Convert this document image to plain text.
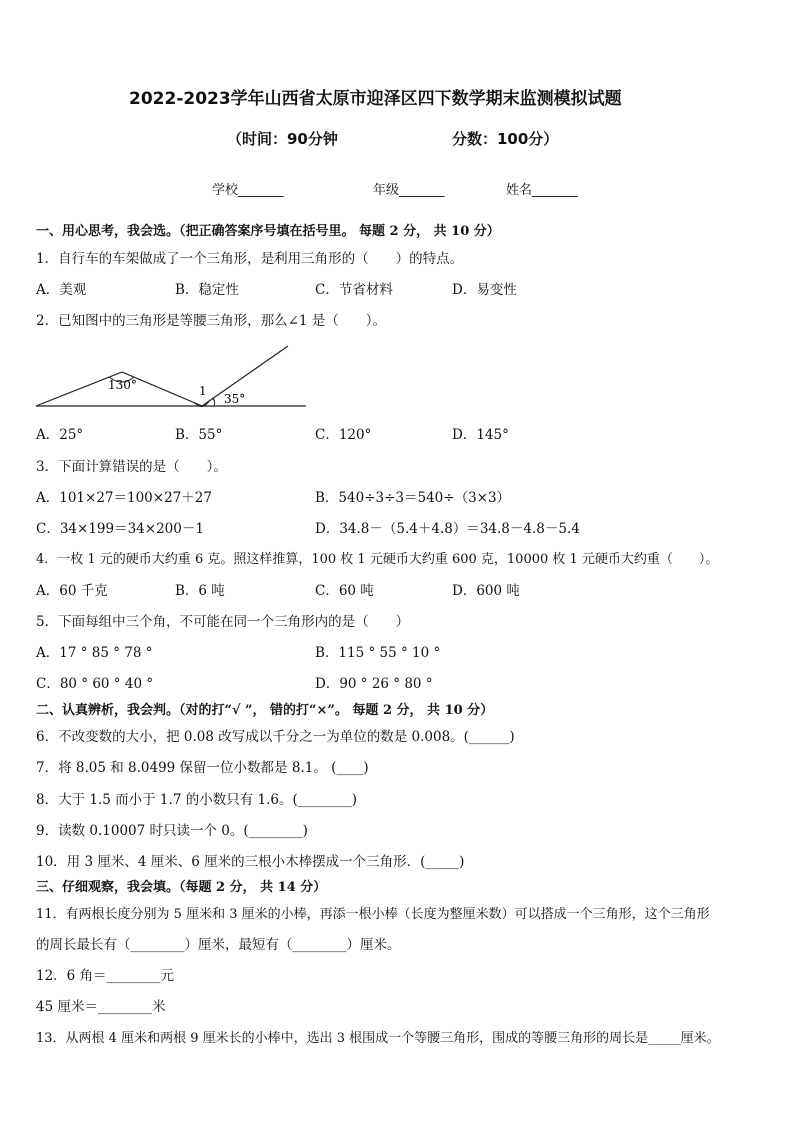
2022-2023学年山西省太原市迎泽区四下数学期末监测模拟试题
（时间：90分钟	分数：100分）
学校_______	年级_______	姓名_______
一、用心思考，我会选。（把正确答案序号填在括号里。 每题 2 分， 共 10 分）
1．自行车的车架做成了一个三角形，是利用三角形的（　　）的特点。
A．美观	B．稳定性	C．节省材料	D．易变性
2．已知图中的三角形是等腰三角形，那么∠1 是（　　）。
130°	1
35°
A．25°	B．55°	C．120°	D．145°
3．下面计算错误的是（　　）。
A．101×27＝100×27＋27	B．540÷3÷3＝540÷（3×3）
C．34×199＝34×200－1	D．34.8－（5.4＋4.8）＝34.8－4.8－5.4
4．一枚 1 元的硬币大约重 6 克。照这样推算，100 枚 1 元硬币大约重 600 克，10000 枚 1 元硬币大约重（　　）。
A．60 千克	B．6 吨	C．60 吨	D．600 吨
5．下面每组中三个角，不可能在同一个三角形内的是（　　）
A．17 ° 85 ° 78 °	B．115 ° 55 ° 10 °
C．80 ° 60 ° 40 °	D．90 ° 26 ° 80 °
二、认真辨析，我会判。（对的打“√ ”， 错的打“×”。 每题 2 分， 共 10 分）
6．不改变数的大小，把 0.08 改写成以千分之一为单位的数是 0.008。(______)
7．将 8.05 和 8.0499 保留一位小数都是 8.1。 (____)
8．大于 1.5 而小于 1.7 的小数只有 1.6。(________)
9．读数 0.10007 时只读一个 0。(________)
10．用 3 厘米、4 厘米、6 厘米的三根小木棒摆成一个三角形．(_____)
三、仔细观察，我会填。（每题 2 分， 共 14 分）
11．有两根长度分别为 5 厘米和 3 厘米的小棒，再添一根小棒（长度为整厘米数）可以搭成一个三角形，这个三角形
的周长最长有（________）厘米，最短有（________）厘米。
12．6 角＝________元
45 厘米＝________米
13．从两根 4 厘米和两根 9 厘米长的小棒中，选出 3 根围成一个等腰三角形，围成的等腰三角形的周长是_____厘米。
